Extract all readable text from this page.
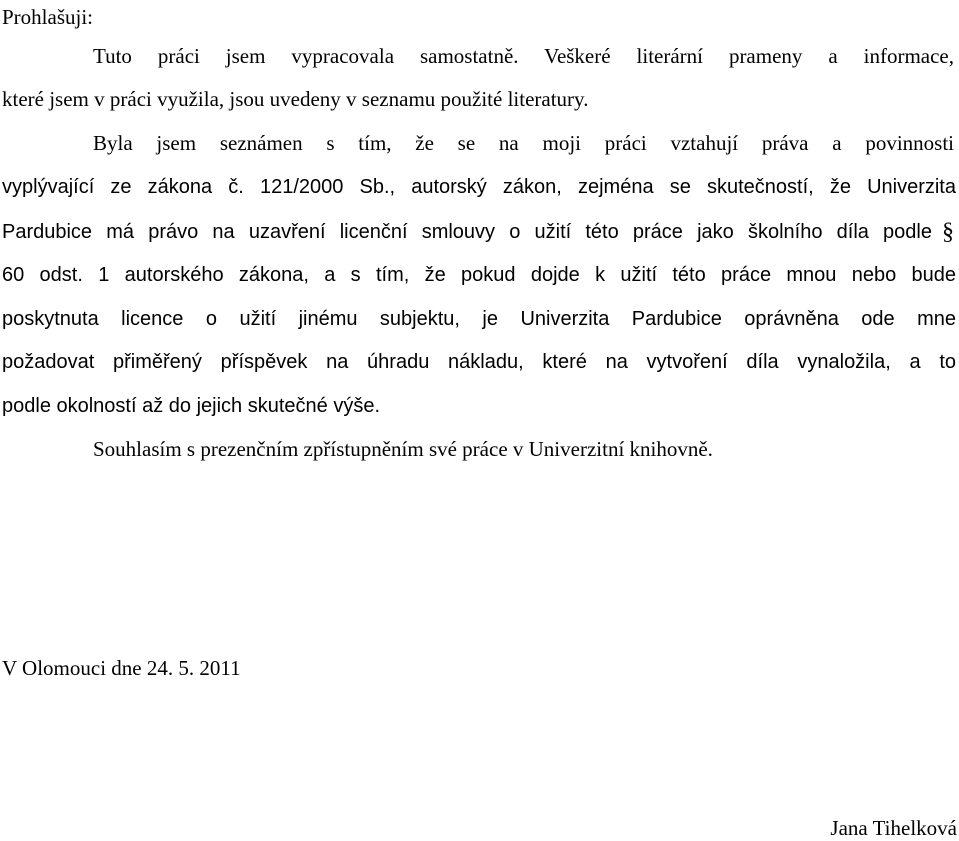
Prohlašuji:

Tuto práci jsem vypracovala samostatně. Veškeré literární prameny a informace,

které jsem v práci využila, jsou uvedeny v seznamu použité literatury.

Byla jsem seznámen s tím, že se na moji práci vztahují práva a povinnosti

vyplývající ze zákona č. 121/2000 Sb., autorský zákon, zejména se skutečností, že Univerzita

Pardubice má právo na uzavření licenční smlouvy o užití této práce jako školního díla podle §

60 odst. 1 autorského zákona, a s tím, že pokud dojde k užití této práce mnou nebo bude

poskytnuta licence o užití jinému subjektu, je Univerzita Pardubice oprávněna ode mne

požadovat přiměřený příspěvek na úhradu nákladu, které na vytvoření díla vynaložila, a to

podle okolností až do jejich skutečné výše.

Souhlasím s prezenčním zpřístupněním své práce v Univerzitní knihovně.

V Olomouci dne 24. 5. 2011

Jana Tihelková
